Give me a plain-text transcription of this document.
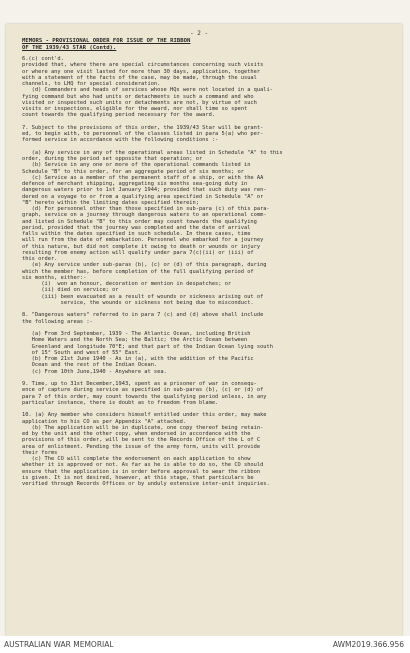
- 2 -
MEMORS - PROVISIONAL ORDER FOR ISSUE OF THE RIBBON
OF THE 1939/43 STAR (Contd).
6.(c) cont'd.
provided that, where there are special circumstances concerning such visits
or where any one visit lasted for more than 30 days, application, together
with a statement of the facts of the case, may be made, through the usual
channels, to LHQ for special consideration.
(d) Commanders and heads of services whose HQs were not located in a quali-
fying command but who had units or detachments in such a command and who
visited or inspected such units or detachments are not, by virtue of such
visits or inspections, eligible for the award, nor shall time so spent
count towards the qualifying period necessary for the award.

7. Subject to the provisions of this order, the 1939/43 Star will be grant-
ed, to begin with, to personnel of the classes listed in para 5(a) who per-
formed service in accordance with the following conditions :-

(a) Any service in any of the operational areas listed in Schedule "A" to this
order, during the period set opposite that operation; or
(b) Service in any one or more of the operational commands listed in
Schedule "B" to this order, for an aggregate period of six months; or
(c) Service as a member of the permanent staff of a ship, or with the AA
defence of merchant shipping, aggregating six months sea-going duty in
dangerous waters prior to 1st January 1944; provided that such duty was ren-
dered on a voyage to or from a qualifying area specified in Schedule "A" or
"B" hereto within the limiting dates specified therein;
(d) For personnel other than those specified in sub-para (c) of this para-
graph, service on a journey through dangerous waters to an operational comm-
and listed in Schedule "B" to this order may count towards the qualifying
period, provided that the journey was completed and the date of arrival
falls within the dates specified in such schedule. In these cases, time
will run from the date of embarkation. Personnel who embarked for a journey
of this nature, but did not complete it owing to death or wounds or injury
resulting from enemy action will qualify under para 7(c)(ii) or (iii) of
this order.
(e) Any service under sub-paras (b), (c) or (d) of this paragraph, during
which the member has, before completion of the full qualifying period of
six months, either:-
(i)  won an honour, decoration or mention in despatches; or
(ii) died on service; or
(iii) been evacuated as a result of wounds or sickness arising out of
service, the wounds or sickness not being due to misconduct.

8. "Dangerous waters" referred to in para 7 (c) and (d) above shall include
the following areas :-

(a) From 3rd September, 1939 - The Atlantic Ocean, including British
Home Waters and the North Sea; the Baltic; the Arctic Ocean between
Greenland and longitude 70°E; and that part of the Indian Ocean lying south
of 15° South and west of 55° East.
(b) From 21st June 1940 - As in (a), with the addition of the Pacific
Ocean and the rest of the Indian Ocean.
(c) From 10th June,1940 - Anywhere at sea.

9. Time, up to 31st December,1943, spent as a prisoner of war in consequ-
ence of capture during service as specified in sub-paras (b), (c) or (d) of
para 7 of this order, may count towards the qualifying period unless, in any
particular instance, there is doubt as to freedom from blame.

10. (a) Any member who considers himself entitled under this order, may make
application to his CO as per Appendix "A" attached.
(b) The application will be in duplicate, one copy thereof being retain-
ed by the unit and the other copy, when endorsed in accordance with the
provisions of this order, will be sent to the Records Office of the L of C
area of enlistment. Pending the issue of the army form, units will provide
their forms
(c) The CO will complete the endorsement on each application to show
whether it is approved or not. As far as he is able to do so, the CO should
ensure that the application is in order before approval to wear the ribbon
is given. It is not desired, however, at this stage, that particulars be
verified through Records Offices or by unduly extensive inter-unit inquiries.
AUSTRALIAN WAR MEMORIAL	AWM2019.366.956
